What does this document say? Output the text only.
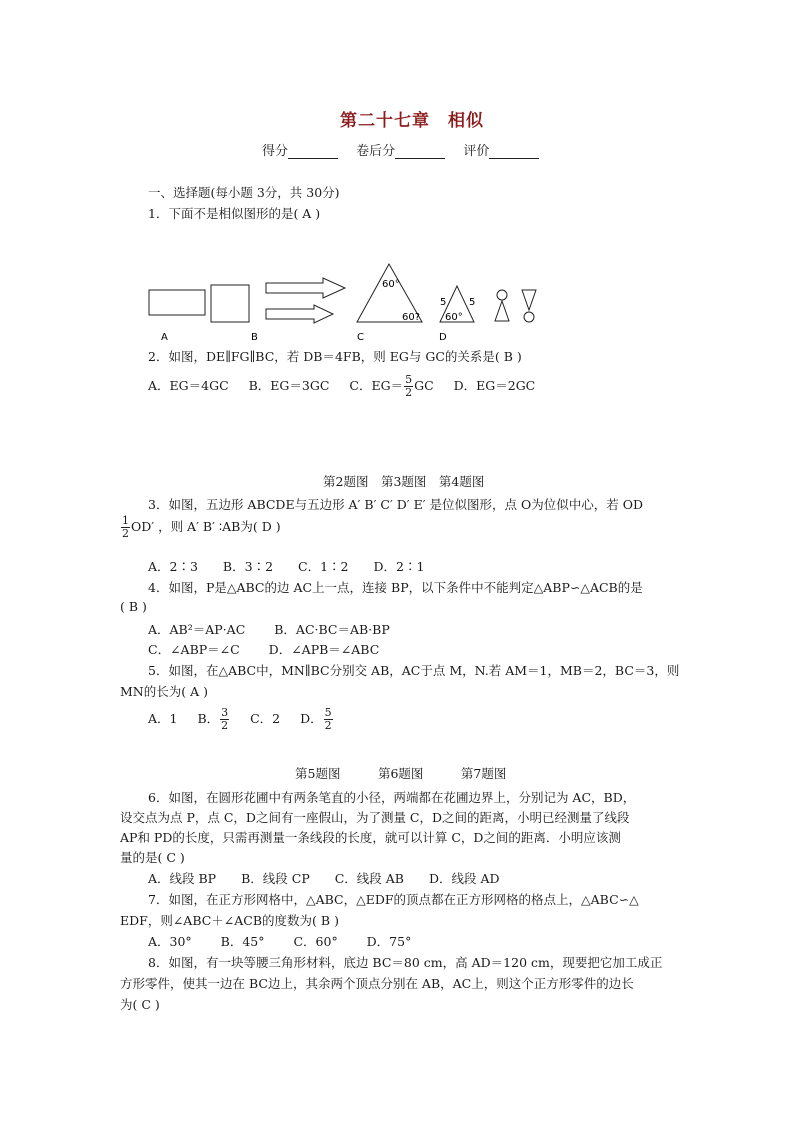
第二十七章　相似
得分	卷后分	评价
一、选择题(每小题 3分，共 30分)
1．下面不是相似图形的是( A )
60°
60?
5 5
60°
A	B	C	D
2．如图，DE∥FG∥BC，若 DB＝4FB，则 EG与 GC的关系是( B )
A．EG＝4GC B．EG＝3GC C．$EG= \frac{5}{2}$ GC D．EG＝2GC
第2题图　第3题图　第4题图
3．如图，五边形 ABCDE与五边形 A′ B′ C′ D′ E′ 是位似图形，点 O为位似中心，若 OD
$\frac{1}{2} OD'$ ，则 A′ B′ ∶AB为( D )
A．2∶3　　B．3∶2　　C．1∶2　　D．2∶1
4．如图，P是△ABC的边 AC上一点，连接 BP，以下条件中不能判定△ABP∽△ACB的是
( B )
A．AB²＝AP·AC　　 B．AC·BC＝AB·BP
C．∠ABP＝∠C　　 D．∠APB＝∠ABC
5．如图，在△ABC中，MN∥BC分别交 AB，AC于点 M，N.若 AM＝1，MB＝2，BC＝3，则
MN的长为( A )
A．1 B． $\frac{3}{2}$ C．2 D． $\frac{5}{2}$
第5题图　　　第6题图　　　第7题图
6．如图，在圆形花圃中有两条笔直的小径，两端都在花圃边界上，分别记为 AC，BD，
设交点为点 P，点 C，D之间有一座假山，为了测量 C，D之间的距离，小明已经测量了线段
AP和 PD的长度，只需再测量一条线段的长度，就可以计算 C，D之间的距离．小明应该测
量的是( C )
A．线段 BP　　B．线段 CP　　C．线段 AB　　D．线段 AD
7．如图，在正方形网格中，△ABC，△EDF的顶点都在正方形网格的格点上，△ABC∽△
EDF，则∠ABC＋∠ACB的度数为( B )
A．30°　　 B．45°　　 C．60°　　 D．75°
8．如图，有一块等腰三角形材料，底边 BC＝80 cm，高 AD＝120 cm，现要把它加工成正
方形零件，使其一边在 BC边上，其余两个顶点分别在 AB，AC上，则这个正方形零件的边长
为( C )
